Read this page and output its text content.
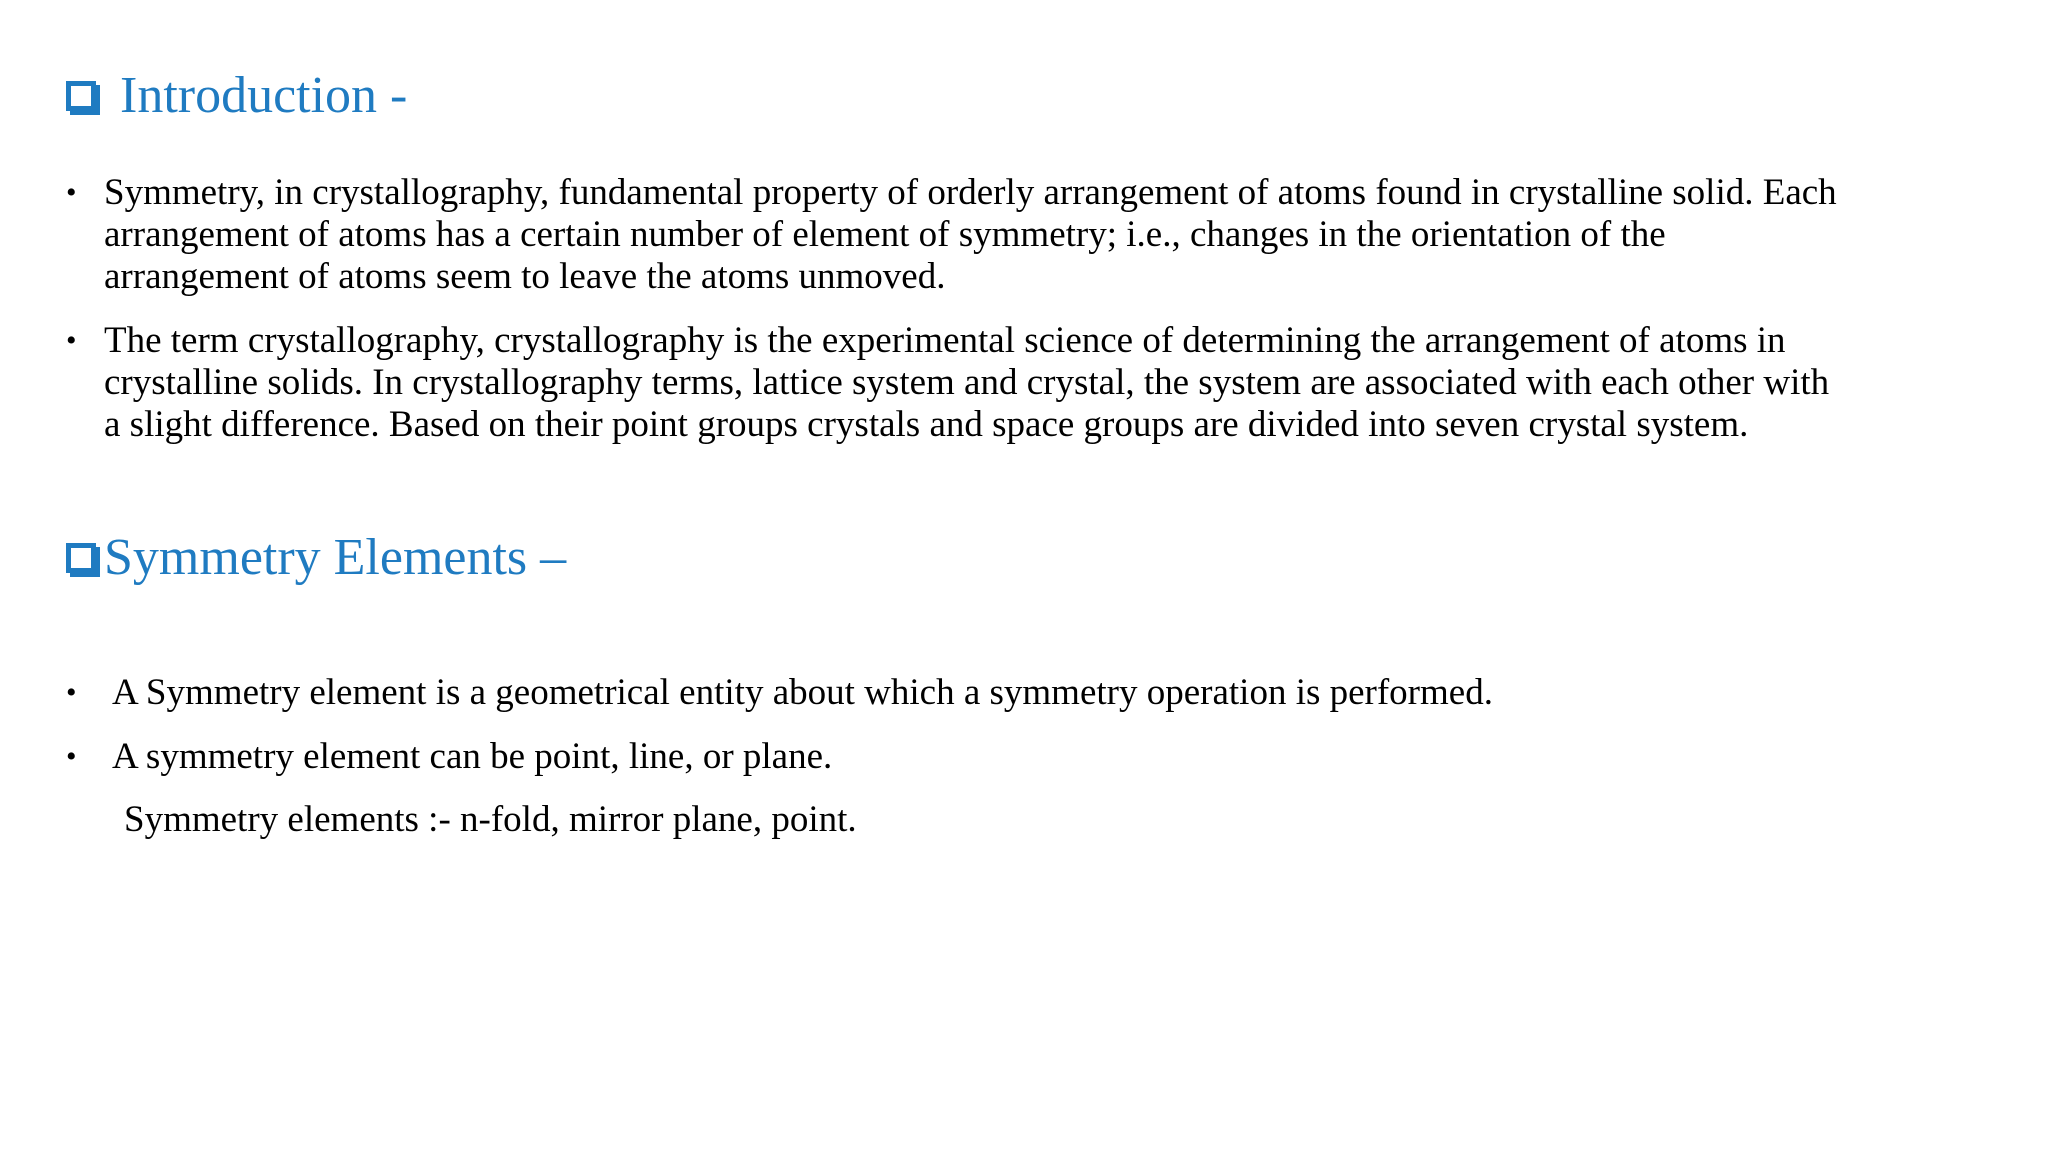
Introduction -
• Symmetry, in crystallography, fundamental property of orderly arrangement of atoms found in crystalline solid. Each
arrangement of atoms has a certain number of element of symmetry; i.e., changes in the orientation of the
arrangement of atoms seem to leave the atoms unmoved.
• The term crystallography, crystallography is the experimental science of determining the arrangement of atoms in
crystalline solids. In crystallography terms, lattice system and crystal, the system are associated with each other with
a slight difference. Based on their point groups crystals and space groups are divided into seven crystal system.
Symmetry Elements –
• A Symmetry element is a geometrical entity about which a symmetry operation is performed.
• A symmetry element can be point, line, or plane.
Symmetry elements :- n-fold, mirror plane, point.
